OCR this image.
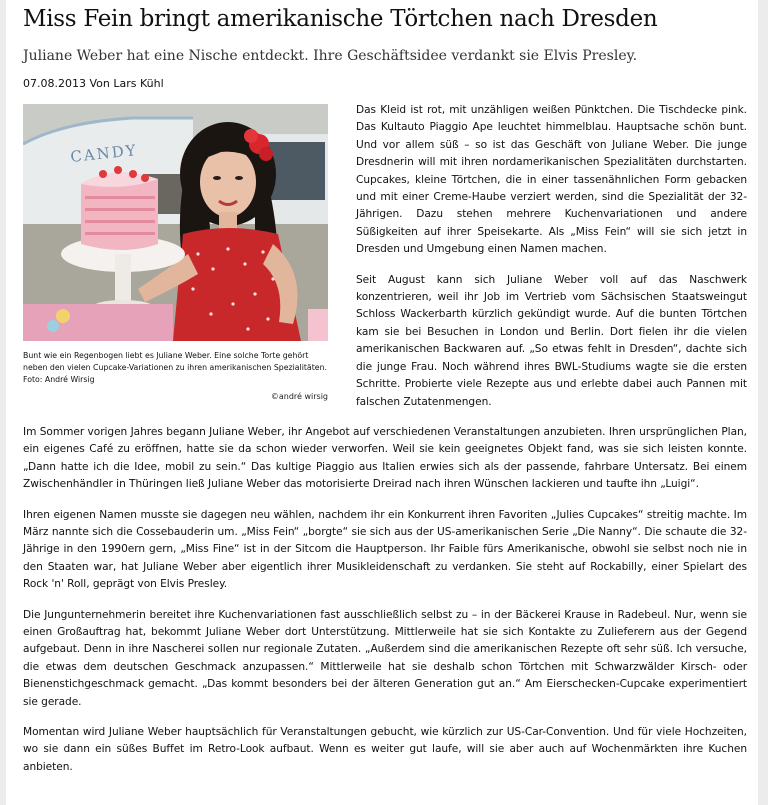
Miss Fein bringt amerikanische Törtchen nach Dresden
Juliane Weber hat eine Nische entdeckt. Ihre Geschäftsidee verdankt sie Elvis Presley.
07.08.2013 Von Lars Kühl
CANDY
Bunt wie ein Regenbogen liebt es Juliane Weber. Eine solche Torte gehört neben den vielen Cupcake-Variationen zu ihren amerikanischen Spezialitäten. Foto: André Wirsig
©andré wirsig

Das Kleid ist rot, mit unzähligen weißen Pünktchen. Die Tischdecke pink. Das Kultauto Piaggio Ape leuchtet himmelblau. Hauptsache schön bunt. Und vor allem süß – so ist das Geschäft von Juliane Weber. Die junge Dresdnerin will mit ihren nordamerikanischen Spezialitäten durchstarten. Cupcakes, kleine Törtchen, die in einer tassenähnlichen Form gebacken und mit einer Creme-Haube verziert werden, sind die Spezialität der 32-Jährigen. Dazu stehen mehrere Kuchenvariationen und andere Süßigkeiten auf ihrer Speisekarte. Als „Miss Fein“ will sie sich jetzt in Dresden und Umgebung einen Namen machen.

Seit August kann sich Juliane Weber voll auf das Naschwerk konzentrieren, weil ihr Job im Vertrieb vom Sächsischen Staatsweingut Schloss Wackerbarth kürzlich gekündigt wurde. Auf die bunten Törtchen kam sie bei Besuchen in London und Berlin. Dort fielen ihr die vielen amerikanischen Backwaren auf. „So etwas fehlt in Dresden“, dachte sich die junge Frau. Noch während ihres BWL-Studiums wagte sie die ersten Schritte. Probierte viele Rezepte aus und erlebte dabei auch Pannen mit falschen Zutatenmengen.

Im Sommer vorigen Jahres begann Juliane Weber, ihr Angebot auf verschiedenen Veranstaltungen anzubieten. Ihren ursprünglichen Plan, ein eigenes Café zu eröffnen, hatte sie da schon wieder verworfen. Weil sie kein geeignetes Objekt fand, was sie sich leisten konnte. „Dann hatte ich die Idee, mobil zu sein.“ Das kultige Piaggio aus Italien erwies sich als der passende, fahrbare Untersatz. Bei einem Zwischenhändler in Thüringen ließ Juliane Weber das motorisierte Dreirad nach ihren Wünschen lackieren und taufte ihn „Luigi“.

Ihren eigenen Namen musste sie dagegen neu wählen, nachdem ihr ein Konkurrent ihren Favoriten „Julies Cupcakes“ streitig machte. Im März nannte sich die Cossebauderin um. „Miss Fein“ „borgte“ sie sich aus der US-amerikanischen Serie „Die Nanny“. Die schaute die 32-Jährige in den 1990ern gern, „Miss Fine“ ist in der Sitcom die Hauptperson. Ihr Faible fürs Amerikanische, obwohl sie selbst noch nie in den Staaten war, hat Juliane Weber aber eigentlich ihrer Musikleidenschaft zu verdanken. Sie steht auf Rockabilly, einer Spielart des Rock 'n' Roll, geprägt von Elvis Presley.

Die Jungunternehmerin bereitet ihre Kuchenvariationen fast ausschließlich selbst zu – in der Bäckerei Krause in Radebeul. Nur, wenn sie einen Großauftrag hat, bekommt Juliane Weber dort Unterstützung. Mittlerweile hat sie sich Kontakte zu Zulieferern aus der Gegend aufgebaut. Denn in ihre Nascherei sollen nur regionale Zutaten. „Außerdem sind die amerikanischen Rezepte oft sehr süß. Ich versuche, die etwas dem deutschen Geschmack anzupassen.“ Mittlerweile hat sie deshalb schon Törtchen mit Schwarzwälder Kirsch- oder Bienenstichgeschmack gemacht. „Das kommt besonders bei der älteren Generation gut an.“ Am Eierschecken-Cupcake experimentiert sie gerade.

Momentan wird Juliane Weber hauptsächlich für Veranstaltungen gebucht, wie kürzlich zur US-Car-Convention. Und für viele Hochzeiten, wo sie dann ein süßes Buffet im Retro-Look aufbaut. Wenn es weiter gut laufe, will sie aber auch auf Wochenmärkten ihre Kuchen anbieten.
